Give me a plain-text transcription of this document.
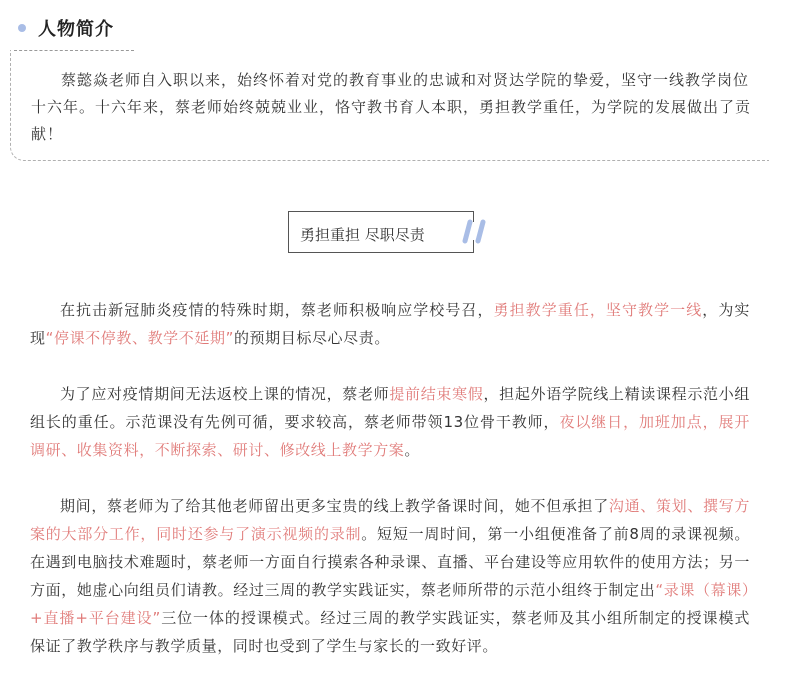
人物简介

蔡懿焱老师自入职以来，始终怀着对党的教育事业的忠诚和对贤达学院的挚爱，坚守一线教学岗位十六年。十六年来，蔡老师始终兢兢业业，恪守教书育人本职，勇担教学重任，为学院的发展做出了贡献！

勇担重担 尽职尽责

在抗击新冠肺炎疫情的特殊时期，蔡老师积极响应学校号召，勇担教学重任，坚守教学一线，为实现“停课不停教、教学不延期”的预期目标尽心尽责。

为了应对疫情期间无法返校上课的情况，蔡老师提前结束寒假，担起外语学院线上精读课程示范小组组长的重任。示范课没有先例可循，要求较高，蔡老师带领13位骨干教师，夜以继日，加班加点，展开调研、收集资料，不断探索、研讨、修改线上教学方案。

期间，蔡老师为了给其他老师留出更多宝贵的线上教学备课时间，她不但承担了沟通、策划、撰写方案的大部分工作，同时还参与了演示视频的录制。短短一周时间，第一小组便准备了前8周的录课视频。在遇到电脑技术难题时，蔡老师一方面自行摸索各种录课、直播、平台建设等应用软件的使用方法；另一方面，她虚心向组员们请教。经过三周的教学实践证实，蔡老师所带的示范小组终于制定出“录课（幕课）+直播+平台建设”三位一体的授课模式。经过三周的教学实践证实，蔡老师及其小组所制定的授课模式保证了教学秩序与教学质量，同时也受到了学生与家长的一致好评。
